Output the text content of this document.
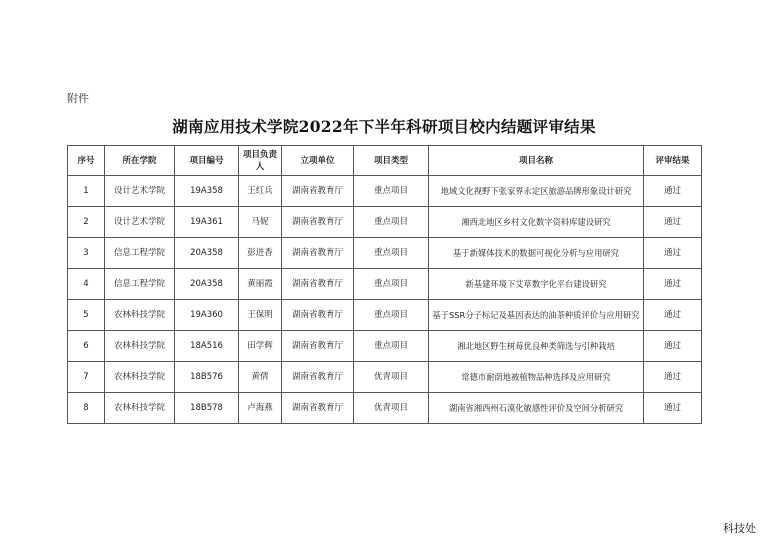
附件
湖南应用技术学院2022年下半年科研项目校内结题评审结果
序号	所在学院	项目编号	项目负责人	立项单位	项目类型	项目名称	评审结果
1	设计艺术学院	19A358	王红兵	湖南省教育厅	重点项目	地域文化视野下张家界永定区旅游品牌形象设计研究	通过
2	设计艺术学院	19A361	马妮	湖南省教育厅	重点项目	湘西北地区乡村文化数字资料库建设研究	通过
3	信息工程学院	20A358	彭进香	湖南省教育厅	重点项目	基于新媒体技术的数据可视化分析与应用研究	通过
4	信息工程学院	20A358	黄丽霞	湖南省教育厅	重点项目	新基建环境下艾草数字化平台建设研究	通过
5	农林科技学院	19A360	王保明	湖南省教育厅	重点项目	基于SSR分子标记及基因表达的油茶种质评价与应用研究	通过
6	农林科技学院	18A516	田学辉	湖南省教育厅	重点项目	湘北地区野生树莓优良种类筛选与引种栽培	通过
7	农林科技学院	18B576	黄倩	湖南省教育厅	优青项目	常德市耐荫地被植物品种选择及应用研究	通过
8	农林科技学院	18B578	卢海燕	湖南省教育厅	优青项目	湖南省湘西州石漠化敏感性评价及空间分析研究	通过
科技处
